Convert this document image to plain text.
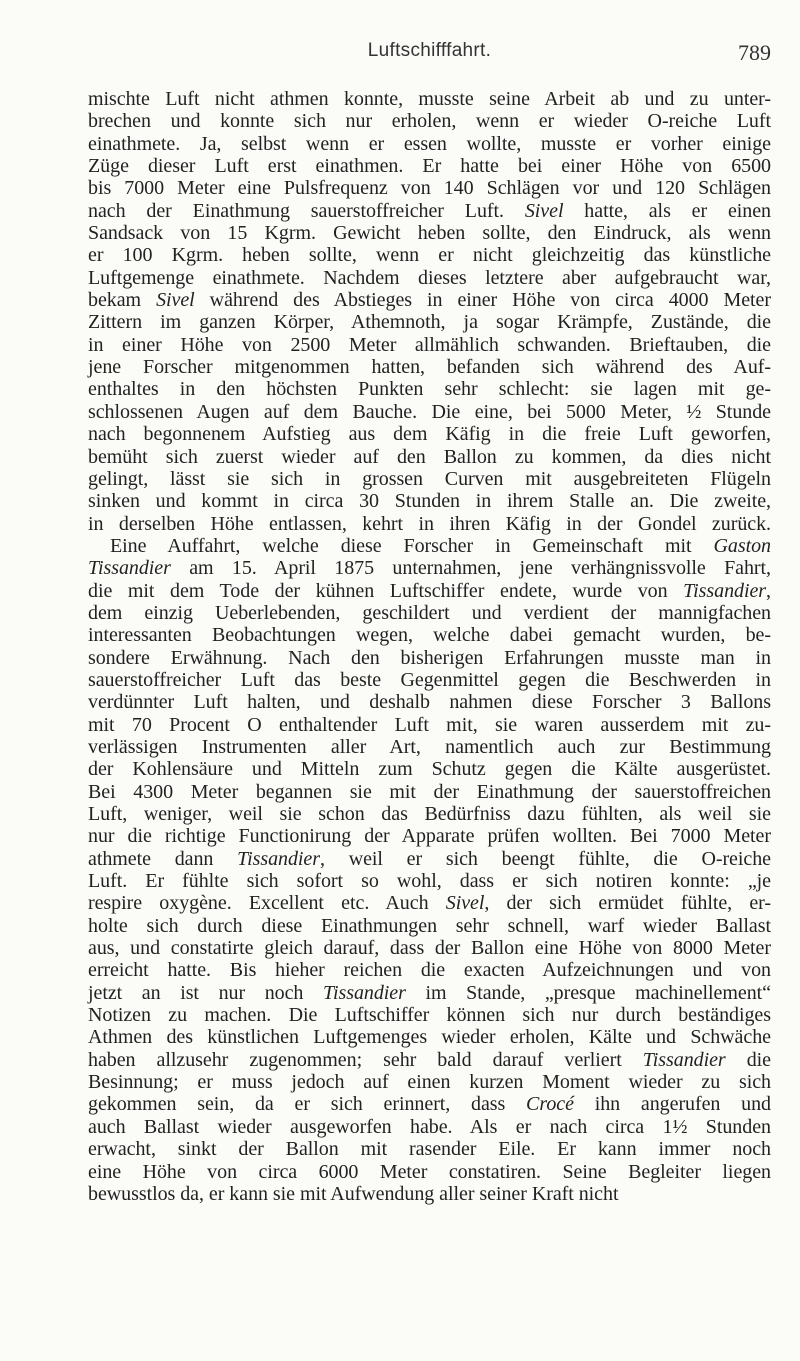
Luftschifffahrt.	789
mischte Luft nicht athmen konnte, musste seine Arbeit ab und zu unter-
brechen und konnte sich nur erholen, wenn er wieder O-reiche Luft
einathmete. Ja, selbst wenn er essen wollte, musste er vorher einige
Züge dieser Luft erst einathmen. Er hatte bei einer Höhe von 6500
bis 7000 Meter eine Pulsfrequenz von 140 Schlägen vor und 120 Schlägen
nach der Einathmung sauerstoffreicher Luft. Sivel hatte, als er einen
Sandsack von 15 Kgrm. Gewicht heben sollte, den Eindruck, als wenn
er 100 Kgrm. heben sollte, wenn er nicht gleichzeitig das künstliche
Luftgemenge einathmete. Nachdem dieses letztere aber aufgebraucht war,
bekam Sivel während des Abstieges in einer Höhe von circa 4000 Meter
Zittern im ganzen Körper, Athemnoth, ja sogar Krämpfe, Zustände, die
in einer Höhe von 2500 Meter allmählich schwanden. Brieftauben, die
jene Forscher mitgenommen hatten, befanden sich während des Auf-
enthaltes in den höchsten Punkten sehr schlecht: sie lagen mit ge-
schlossenen Augen auf dem Bauche. Die eine, bei 5000 Meter, ½ Stunde
nach begonnenem Aufstieg aus dem Käfig in die freie Luft geworfen,
bemüht sich zuerst wieder auf den Ballon zu kommen, da dies nicht
gelingt, lässt sie sich in grossen Curven mit ausgebreiteten Flügeln
sinken und kommt in circa 30 Stunden in ihrem Stalle an. Die zweite,
in derselben Höhe entlassen, kehrt in ihren Käfig in der Gondel zurück.
Eine Auffahrt, welche diese Forscher in Gemeinschaft mit Gaston
Tissandier am 15. April 1875 unternahmen, jene verhängnissvolle Fahrt,
die mit dem Tode der kühnen Luftschiffer endete, wurde von Tissandier,
dem einzig Ueberlebenden, geschildert und verdient der mannigfachen
interessanten Beobachtungen wegen, welche dabei gemacht wurden, be-
sondere Erwähnung. Nach den bisherigen Erfahrungen musste man in
sauerstoffreicher Luft das beste Gegenmittel gegen die Beschwerden in
verdünnter Luft halten, und deshalb nahmen diese Forscher 3 Ballons
mit 70 Procent O enthaltender Luft mit, sie waren ausserdem mit zu-
verlässigen Instrumenten aller Art, namentlich auch zur Bestimmung
der Kohlensäure und Mitteln zum Schutz gegen die Kälte ausgerüstet.
Bei 4300 Meter begannen sie mit der Einathmung der sauerstoffreichen
Luft, weniger, weil sie schon das Bedürfniss dazu fühlten, als weil sie
nur die richtige Functionirung der Apparate prüfen wollten. Bei 7000 Meter
athmete dann Tissandier, weil er sich beengt fühlte, die O-reiche
Luft. Er fühlte sich sofort so wohl, dass er sich notiren konnte: „je
respire oxygène. Excellent etc. Auch Sivel, der sich ermüdet fühlte, er-
holte sich durch diese Einathmungen sehr schnell, warf wieder Ballast
aus, und constatirte gleich darauf, dass der Ballon eine Höhe von 8000 Meter
erreicht hatte. Bis hieher reichen die exacten Aufzeichnungen und von
jetzt an ist nur noch Tissandier im Stande, „presque machinellement“
Notizen zu machen. Die Luftschiffer können sich nur durch beständiges
Athmen des künstlichen Luftgemenges wieder erholen, Kälte und Schwäche
haben allzusehr zugenommen; sehr bald darauf verliert Tissandier die
Besinnung; er muss jedoch auf einen kurzen Moment wieder zu sich
gekommen sein, da er sich erinnert, dass Crocé ihn angerufen und
auch Ballast wieder ausgeworfen habe. Als er nach circa 1½ Stunden
erwacht, sinkt der Ballon mit rasender Eile. Er kann immer noch
eine Höhe von circa 6000 Meter constatiren. Seine Begleiter liegen
bewusstlos da, er kann sie mit Aufwendung aller seiner Kraft nicht
